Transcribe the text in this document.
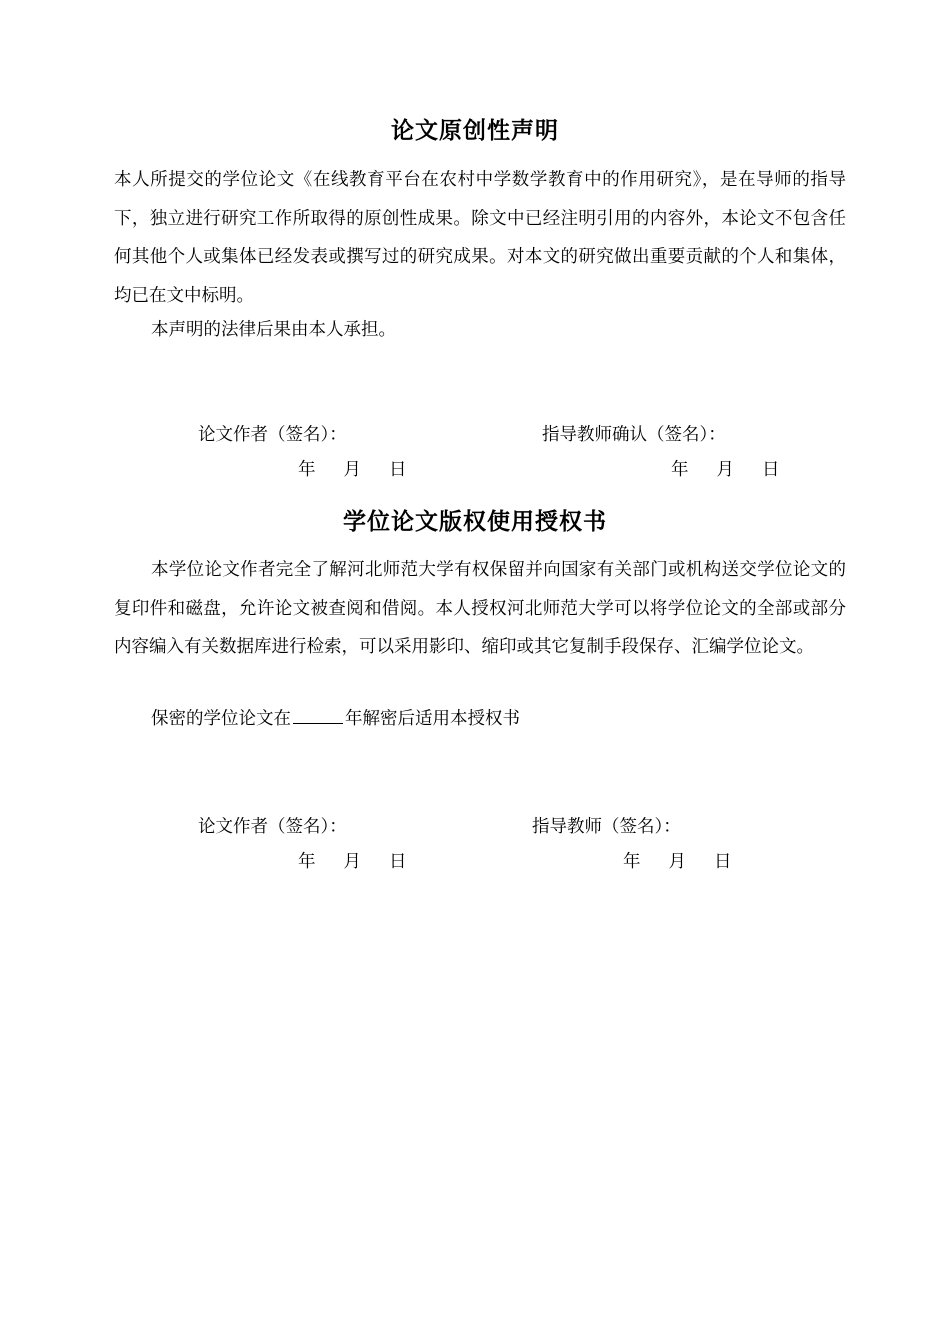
论文原创性声明

本人所提交的学位论文《在线教育平台在农村中学数学教育中的作用研究》，是在导师的指导下，独立进行研究工作所取得的原创性成果。除文中已经注明引用的内容外，本论文不包含任何其他个人或集体已经发表或撰写过的研究成果。对本文的研究做出重要贡献的个人和集体，均已在文中标明。

本声明的法律后果由本人承担。

论文作者（签名）：	指导教师确认（签名）：
年 月 日	年 月 日
学位论文版权使用授权书

本学位论文作者完全了解河北师范大学有权保留并向国家有关部门或机构送交学位论文的复印件和磁盘，允许论文被查阅和借阅。本人授权河北师范大学可以将学位论文的全部或部分内容编入有关数据库进行检索，可以采用影印、缩印或其它复制手段保存、汇编学位论文。

保密的学位论文在	年解密后适用本授权书

论文作者（签名）：	指导教师（签名）：
年 月 日	年 月 日
